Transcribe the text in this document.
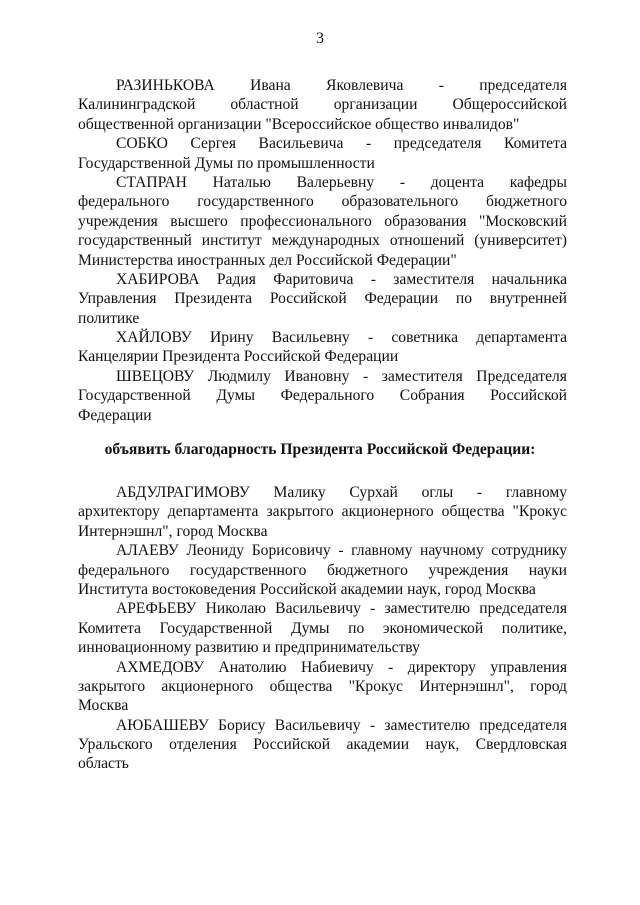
3
РАЗИНЬКОВА Ивана Яковлевича - председателя
Калининградской областной организации Общероссийской
общественной организации "Всероссийское общество инвалидов"
СОБКО Сергея Васильевича - председателя Комитета
Государственной Думы по промышленности
СТАПРАН Наталью Валерьевну - доцента кафедры
федерального государственного образовательного бюджетного
учреждения высшего профессионального образования "Московский
государственный институт международных отношений (университет)
Министерства иностранных дел Российской Федерации"
ХАБИРОВА Радия Фаритовича - заместителя начальника
Управления Президента Российской Федерации по внутренней
политике
ХАЙЛОВУ Ирину Васильевну - советника департамента
Канцелярии Президента Российской Федерации
ШВЕЦОВУ Людмилу Ивановну - заместителя Председателя
Государственной Думы Федерального Собрания Российской
Федерации
объявить благодарность Президента Российской Федерации:
АБДУЛРАГИМОВУ Малику Сурхай оглы - главному
архитектору департамента закрытого акционерного общества "Крокус
Интернэшнл", город Москва
АЛАЕВУ Леониду Борисовичу - главному научному сотруднику
федерального государственного бюджетного учреждения науки
Института востоковедения Российской академии наук, город Москва
АРЕФЬЕВУ Николаю Васильевичу - заместителю председателя
Комитета Государственной Думы по экономической политике,
инновационному развитию и предпринимательству
АХМЕДОВУ Анатолию Набиевичу - директору управления
закрытого акционерного общества "Крокус Интернэшнл", город
Москва
АЮБАШЕВУ Борису Васильевичу - заместителю председателя
Уральского отделения Российской академии наук, Свердловская
область
